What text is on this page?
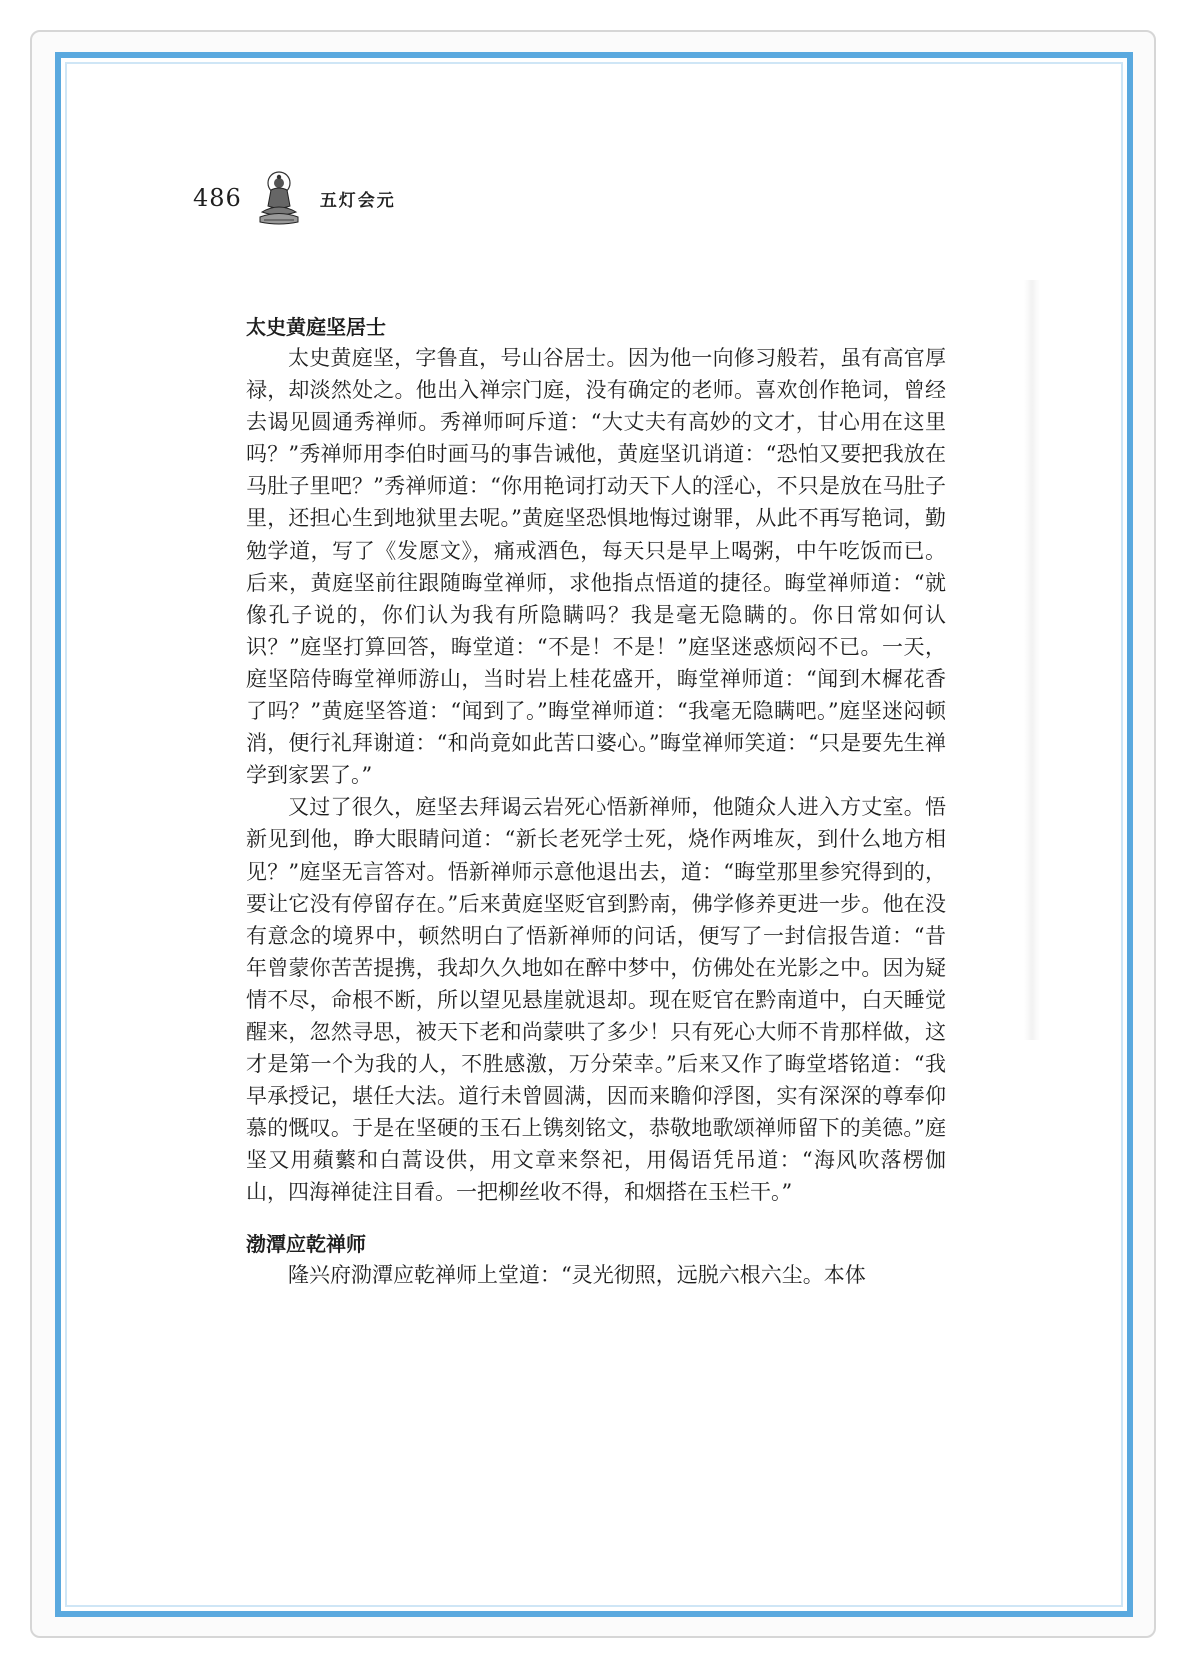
486	五灯会元
太史黄庭坚居士

太史黄庭坚，字鲁直，号山谷居士。因为他一向修习般若，虽有高官厚禄，却淡然处之。他出入禅宗门庭，没有确定的老师。喜欢创作艳词，曾经去谒见圆通秀禅师。秀禅师呵斥道：“大丈夫有高妙的文才，甘心用在这里吗？”秀禅师用李伯时画马的事告诫他，黄庭坚讥诮道：“恐怕又要把我放在马肚子里吧？”秀禅师道：“你用艳词打动天下人的淫心，不只是放在马肚子里，还担心生到地狱里去呢。”黄庭坚恐惧地悔过谢罪，从此不再写艳词，勤勉学道，写了《发愿文》，痛戒酒色，每天只是早上喝粥，中午吃饭而已。后来，黄庭坚前往跟随晦堂禅师，求他指点悟道的捷径。晦堂禅师道：“就像孔子说的，你们认为我有所隐瞒吗？我是毫无隐瞒的。你日常如何认识？”庭坚打算回答，晦堂道：“不是！不是！”庭坚迷惑烦闷不已。一天，庭坚陪侍晦堂禅师游山，当时岩上桂花盛开，晦堂禅师道：“闻到木樨花香了吗？”黄庭坚答道：“闻到了。”晦堂禅师道：“我毫无隐瞒吧。”庭坚迷闷顿消，便行礼拜谢道：“和尚竟如此苦口婆心。”晦堂禅师笑道：“只是要先生禅学到家罢了。”

又过了很久，庭坚去拜谒云岩死心悟新禅师，他随众人进入方丈室。悟新见到他，睁大眼睛问道：“新长老死学士死，烧作两堆灰，到什么地方相见？”庭坚无言答对。悟新禅师示意他退出去，道：“晦堂那里参究得到的，要让它没有停留存在。”后来黄庭坚贬官到黔南，佛学修养更进一步。他在没有意念的境界中，顿然明白了悟新禅师的问话，便写了一封信报告道：“昔年曾蒙你苦苦提携，我却久久地如在醉中梦中，仿佛处在光影之中。因为疑情不尽，命根不断，所以望见悬崖就退却。现在贬官在黔南道中，白天睡觉醒来，忽然寻思，被天下老和尚蒙哄了多少！只有死心大师不肯那样做，这才是第一个为我的人，不胜感激，万分荣幸。”后来又作了晦堂塔铭道：“我早承授记，堪任大法。道行未曾圆满，因而来瞻仰浮图，实有深深的尊奉仰慕的慨叹。于是在坚硬的玉石上镌刻铭文，恭敬地歌颂禅师留下的美德。”庭坚又用蘋蘩和白蒿设供，用文章来祭祀，用偈语凭吊道：“海风吹落楞伽山，四海禅徒注目看。一把柳丝收不得，和烟搭在玉栏干。”

渤潭应乾禅师

隆兴府泐潭应乾禅师上堂道：“灵光彻照，远脱六根六尘。本体
